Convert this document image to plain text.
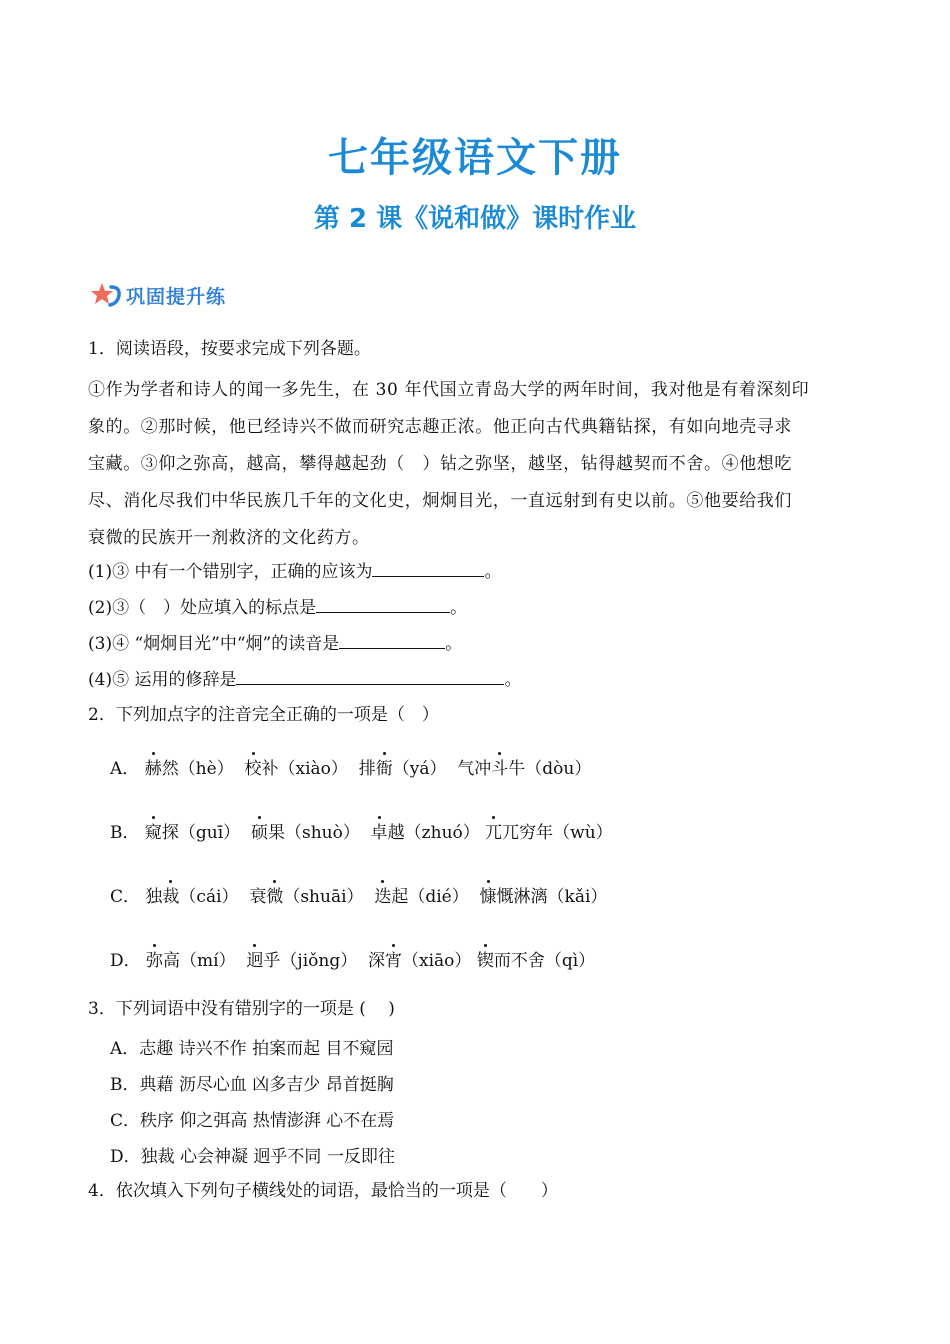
七年级语文下册
第 2 课《说和做》课时作业
巩固提升练
1．阅读语段，按要求完成下列各题。
①作为学者和诗人的闻一多先生，在 30 年代国立青岛大学的两年时间，我对他是有着深刻印
象的。②那时候，他已经诗兴不做而研究志趣正浓。他正向古代典籍钻探，有如向地壳寻求
宝藏。③仰之弥高，越高，攀得越起劲（　）钻之弥坚，越坚，钻得越契而不舍。④他想吃
尽、消化尽我们中华民族几千年的文化史，炯炯目光，一直远射到有史以前。⑤他要给我们
衰微的民族开一剂救济的文化药方。
(1)③ 中有一个错别字，正确的应该为	。
(2)③（　）处应填入的标点是	。
(3)④ “炯炯目光”中“炯”的读音是	。
(4)⑤ 运用的修辞是	。
2．下列加点字的注音完全正确的一项是（　）
A． 赫然（hè） 校补（xiào） 排衙（yá） 气冲斗牛（dòu）
B． 窥探（guī） 硕果（shuò） 卓越（zhuó） 兀兀穷年（wù）
C． 独裁（cái） 衰微（shuāi） 迭起（dié） 慷慨淋漓（kǎi）
D． 弥高（mí） 迥乎（jiǒng） 深宵（xiāo） 锲而不舍（qì）
3．下列词语中没有错别字的一项是 (　 )
A．志趣 诗兴不作 拍案而起 目不窥园
B．典藉 沥尽心血 凶多吉少 昂首挺胸
C．秩序 仰之弭高 热情澎湃 心不在焉
D．独裁 心会神凝 迥乎不同 一反即往
4．依次填入下列句子横线处的词语，最恰当的一项是（　　）
